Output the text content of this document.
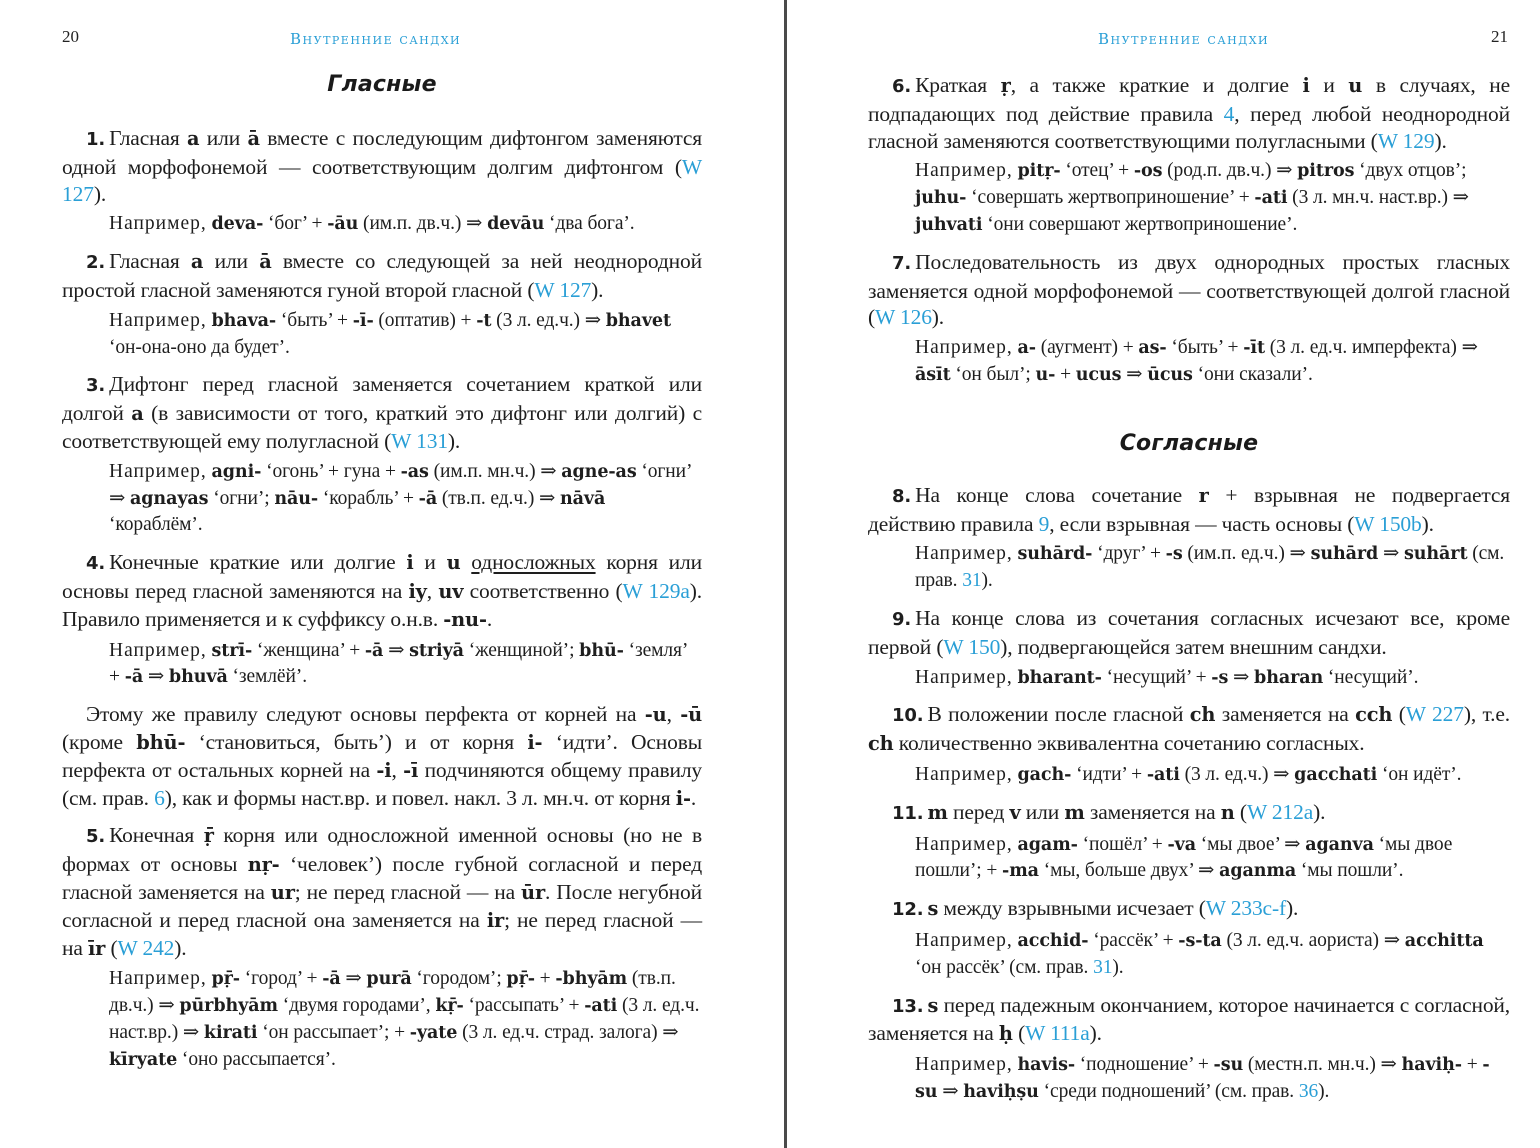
20	Внутренние сандхи
Гласные

1. Гласная a или ā вместе с последующим дифтонгом заменяются одной морфофонемой — соответствующим долгим дифтонгом (W 127).

Например, deva- ‘бог’ + -āu (им.п. дв.ч.) ⇒ devāu ‘два бога’.

2. Гласная a или ā вместе со следующей за ней неоднородной простой гласной заменяются гуной второй гласной (W 127).

Например, bhava- ‘быть’ + -ī- (оптатив) + -t (3 л. ед.ч.) ⇒ bhavet ‘он-она-оно да будет’.

3. Дифтонг перед гласной заменяется сочетанием краткой или долгой a (в зависимости от того, краткий это дифтонг или долгий) с соответствующей ему полугласной (W 131).

Например, agni- ‘огонь’ + гуна + -as (им.п. мн.ч.) ⇒ agne-as ‘огни’ ⇒ agnayas ‘огни’; nāu- ‘корабль’ + -ā (тв.п. ед.ч.) ⇒ nāvā ‘кораблём’.

4. Конечные краткие или долгие i и u односложных корня или основы перед гласной заменяются на iy, uv соответственно (W 129a). Правило применяется и к суффиксу о.н.в. -nu-.

Например, strī- ‘женщина’ + -ā ⇒ striyā ‘женщиной’; bhū- ‘земля’ + -ā ⇒ bhuvā ‘землёй’.

Этому же правилу следуют основы перфекта от корней на -u, -ū (кроме bhū- ‘становиться, быть’) и от корня i- ‘идти’. Основы перфекта от остальных корней на -i, -ī подчиняются общему правилу (см. прав. 6), как и формы наст.вр. и повел. накл. 3 л. мн.ч. от корня i-.

5. Конечная ṝ корня или односложной именной основы (но не в формах от основы nṛ- ‘человек’) после губной согласной и перед гласной заменяется на ur; не перед гласной — на ūr. После негубной согласной и перед гласной она заменяется на ir; не перед гласной — на īr (W 242).

Например, pṝ- ‘город’ + -ā ⇒ purā ‘городом’; pṝ- + -bhyām (тв.п. дв.ч.) ⇒ pūrbhyām ‘двумя городами’, kṝ- ‘рассыпать’ + -ati (3 л. ед.ч. наст.вр.) ⇒ kirati ‘он рассыпает’; + -yate (3 л. ед.ч. страд. залога) ⇒ kīryate ‘оно рассыпается’.

21
Внутренние сандхи

6. Краткая ṛ, а также краткие и долгие i и u в случаях, не подпадающих под действие правила 4, перед любой неоднородной гласной заменяются соответствующими полугласными (W 129).

Например, pitṛ- ‘отец’ + -os (род.п. дв.ч.) ⇒ pitros ‘двух отцов’; juhu- ‘совершать жертвоприношение’ + -ati (3 л. мн.ч. наст.вр.) ⇒ juhvati ‘они совершают жертвоприношение’.

7. Последовательность из двух однородных простых гласных заменяется одной морфофонемой — соответствующей долгой гласной (W 126).

Например, a- (аугмент) + as- ‘быть’ + -īt (3 л. ед.ч. имперфекта) ⇒ āsīt ‘он был’; u- + ucus ⇒ ūcus ‘они сказали’.

Согласные

8. На конце слова сочетание r + взрывная не подвергается действию правила 9, если взрывная — часть основы (W 150b).

Например, suhārd- ‘друг’ + -s (им.п. ед.ч.) ⇒ suhārd ⇒ suhārt (см. прав. 31).

9. На конце слова из сочетания согласных исчезают все, кроме первой (W 150), подвергающейся затем внешним сандхи.

Например, bharant- ‘несущий’ + -s ⇒ bharan ‘несущий’.

10. В положении после гласной ch заменяется на cch (W 227), т.е. ch количественно эквивалентна сочетанию согласных.

Например, gach- ‘идти’ + -ati (3 л. ед.ч.) ⇒ gacchati ‘он идёт’.

11. m перед v или m заменяется на n (W 212a).

Например, agam- ‘пошёл’ + -va ‘мы двое’ ⇒ aganva ‘мы двое пошли’; + -ma ‘мы, больше двух’ ⇒ aganma ‘мы пошли’.

12. s между взрывными исчезает (W 233c-f).

Например, acchid- ‘рассёк’ + -s-ta (3 л. ед.ч. аориста) ⇒ acchitta ‘он рассёк’ (см. прав. 31).

13. s перед падежным окончанием, которое начинается с согласной, заменяется на ḥ (W 111a).

Например, havis- ‘подношение’ + -su (местн.п. мн.ч.) ⇒ haviḥ- + -su ⇒ haviḥṣu ‘среди подношений’ (см. прав. 36).
